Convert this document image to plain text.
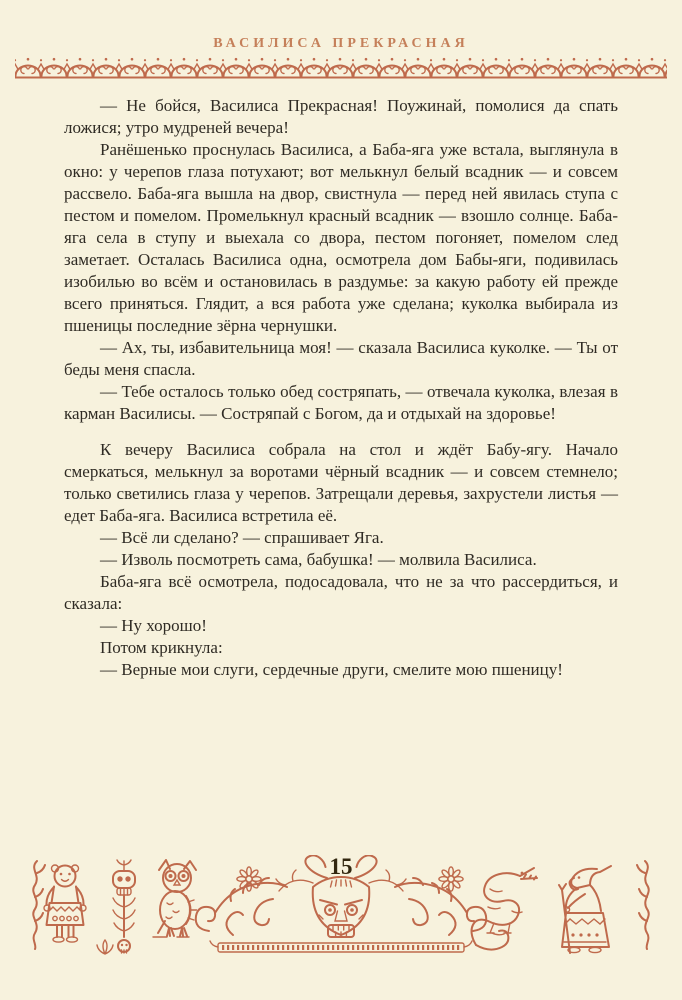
ВАСИЛИСА ПРЕКРАСНАЯ

— Не бойся, Василиса Прекрасная! Поужинай, помолися да спать ложися; утро мудреней вечера!

Ранёшенько проснулась Василиса, а Баба-яга уже встала, выглянула в окно: у черепов глаза потухают; вот мелькнул белый всадник — и совсем рассвело. Баба-яга вышла на двор, свистнула — перед ней явилась ступа с пестом и помелом. Промелькнул красный всадник — взошло солнце. Баба-яга села в ступу и выехала со двора, пестом погоняет, помелом след заметает. Осталась Василиса одна, осмотрела дом Бабы-яги, подивилась изобилью во всём и остановилась в раздумье: за какую работу ей прежде всего приняться. Глядит, а вся работа уже сделана; куколка выбирала из пшеницы последние зёрна чернушки.

— Ах, ты, избавительница моя! — сказала Василиса куколке. — Ты от беды меня спасла.

— Тебе осталось только обед состряпать, — отвечала куколка, влезая в карман Василисы. — Состряпай с Богом, да и отдыхай на здоровье!

К вечеру Василиса собрала на стол и ждёт Бабу-ягу. Начало смеркаться, мелькнул за воротами чёрный всадник — и совсем стемнело; только светились глаза у черепов. Затрещали деревья, захрустели листья — едет Баба-яга. Василиса встретила её.

— Всё ли сделано? — спрашивает Яга.

— Изволь посмотреть сама, бабушка! — молвила Василиса.

Баба-яга всё осмотрела, подосадовала, что не за что рассердиться, и сказала:

— Ну хорошо!

Потом крикнула:

— Верные мои слуги, сердечные други, смелите мою пшеницу!

15
